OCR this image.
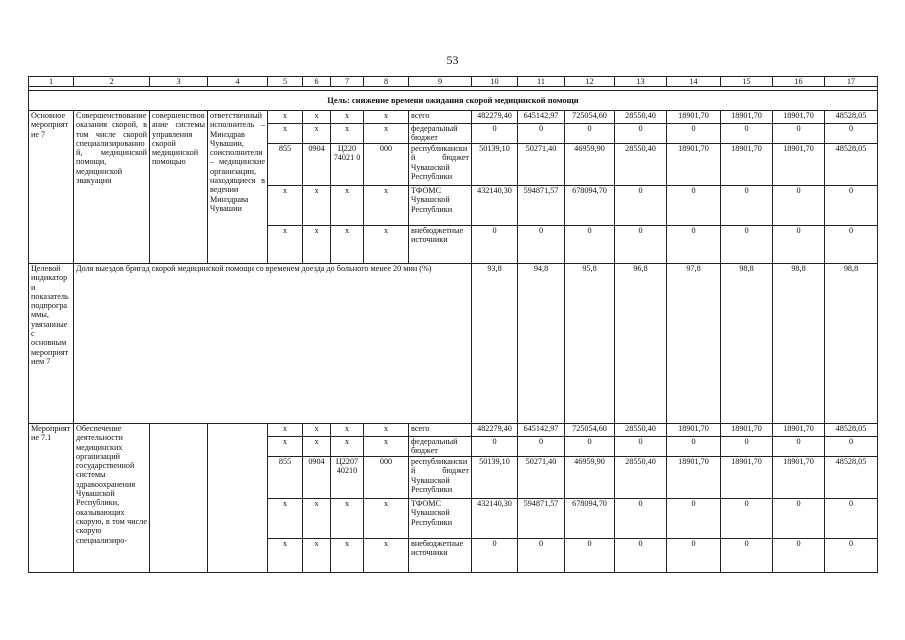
53
1	2	3	4	5	6	7	8	9	10	11	12	13	14	15	16	17

Цель: снижение времени ожидания скорой медицинской помощи																
Основное мероприятие 7	Совершенствование оказания скорой, в том числе скорой специализированной, медицинской помощи, медицинской эвакуации	совершенствование системы управления скорой медицинской помощью	ответственный исполнитель – Минздрав Чувашии, соисполнители – медицинские организации, находящиеся в ведении Минздрава Чувашии	x	x	x	x	всего	482279,40	645142,97	725054,60	28550,40	18901,70	18901,70	18901,70	48528,05
				x	x	x	x	федеральный бюджет	0	0	0	0	0	0	0	0
				855	0904	Ц220 74021 0	000	республиканский бюджет Чувашской Республики	50139,10	50271,40	46959,90	28550,40	18901,70	18901,70	18901,70	48528,05
				x	x	x	x	ТФОМС Чувашской Республики	432140,30	594871,57	678094,70	0	0	0	0	0
				x	x	x	x	внебюджетные источники	0	0	0	0	0	0	0	0
Целевой индикатор и показатель подпрограммы, увязанные с основным мероприятием 7	Доля выездов бригад скорой медицинской помощи со временем доезда до больного менее 20 мин (%)								93,8	94,8	95,8	96,8	97,8	98,8	98,8	98,8
Мероприятие 7.1	Обеспечение деятельности медицинских организаций государственной системы здравоохранения Чувашской Республики, оказывающих скорую, в том числе скорую специализиро-			x	x	x	x	всего	482279,40	645142,97	725054,60	28550,40	18901,70	18901,70	18901,70	48528,05
				x	x	x	x	федеральный бюджет	0	0	0	0	0	0	0	0
				855	0904	Ц2207 40210	000	республиканский бюджет Чувашской Республики	50139,10	50271,40	46959,90	28550,40	18901,70	18901,70	18901,70	48528,05
				x	x	x	x	ТФОМС Чувашской Республики	432140,30	594871,57	678094,70	0	0	0	0	0
				x	x	x	x	внебюджетные источники	0	0	0	0	0	0	0	0
